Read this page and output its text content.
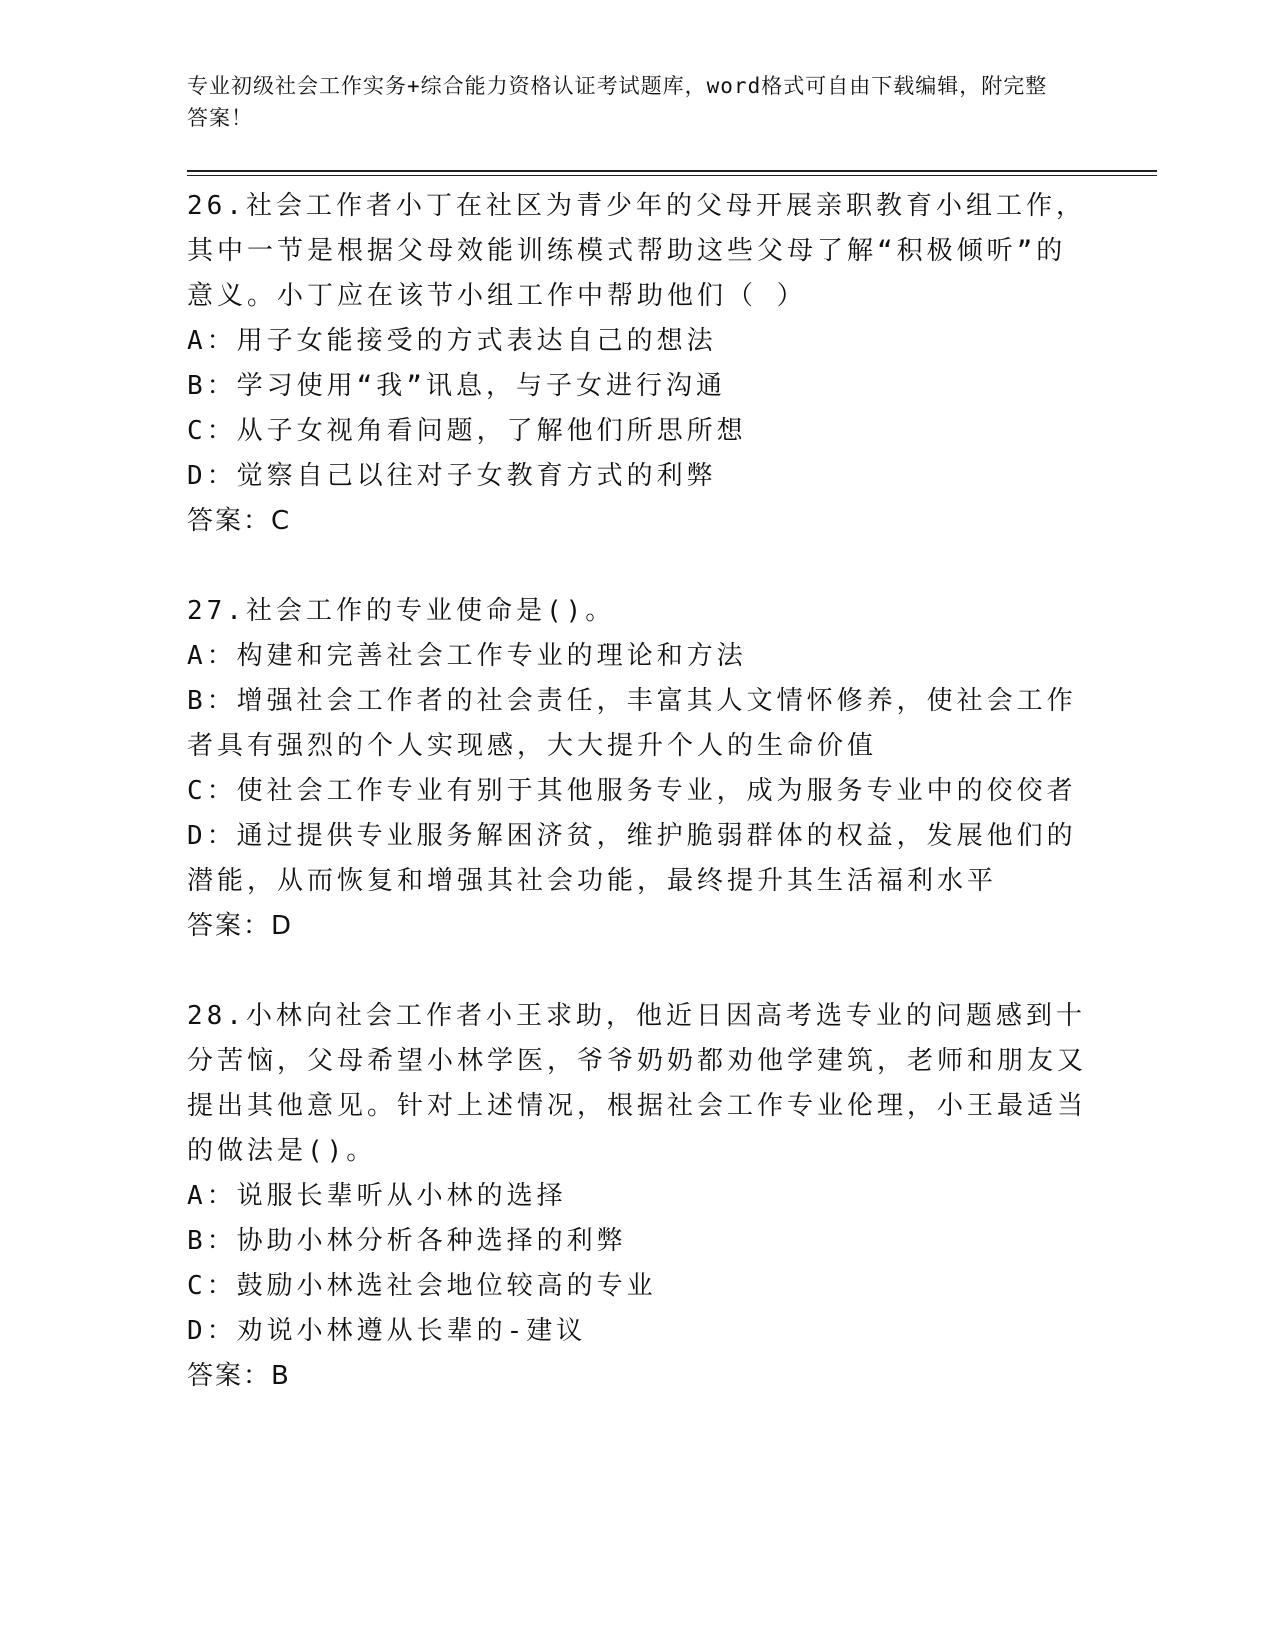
专业初级社会工作实务+综合能力资格认证考试题库，word格式可自由下载编辑，附完整答案！

26.社会工作者小丁在社区为青少年的父母开展亲职教育小组工作，其中一节是根据父母效能训练模式帮助这些父母了解“积极倾听”的意义。小丁应在该节小组工作中帮助他们（ ）

A：用子女能接受的方式表达自己的想法

B：学习使用“我”讯息，与子女进行沟通

C：从子女视角看问题，了解他们所思所想

D：觉察自己以往对子女教育方式的利弊

答案：C

27.社会工作的专业使命是()。

A：构建和完善社会工作专业的理论和方法

B：增强社会工作者的社会责任，丰富其人文情怀修养，使社会工作者具有强烈的个人实现感，大大提升个人的生命价值

C：使社会工作专业有别于其他服务专业，成为服务专业中的佼佼者

D：通过提供专业服务解困济贫，维护脆弱群体的权益，发展他们的潜能，从而恢复和增强其社会功能，最终提升其生活福利水平

答案：D

28.小林向社会工作者小王求助，他近日因高考选专业的问题感到十分苦恼，父母希望小林学医，爷爷奶奶都劝他学建筑，老师和朋友又提出其他意见。针对上述情况，根据社会工作专业伦理，小王最适当的做法是()。

A：说服长辈听从小林的选择

B：协助小林分析各种选择的利弊

C：鼓励小林选社会地位较高的专业

D：劝说小林遵从长辈的-建议

答案：B
